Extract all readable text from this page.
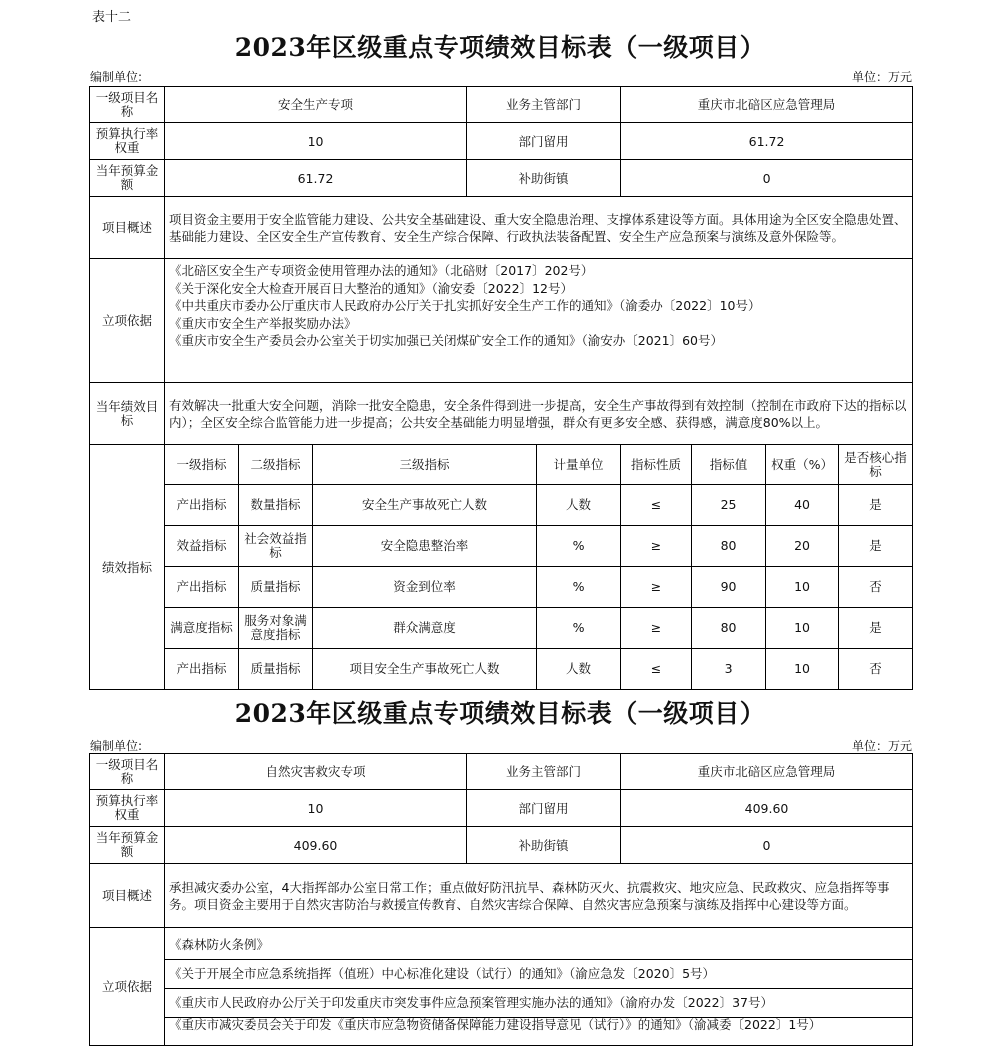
表十二
2023年区级重点专项绩效目标表（一级项目）
编制单位:	单位：万元
一级项目名称	安全生产专项			业务主管部门		重庆市北碚区应急管理局			
预算执行率权重	10			部门留用		61.72			
当年预算金额	61.72			补助街镇		0			
项目概述	项目资金主要用于安全监管能力建设、公共安全基础建设、重大安全隐患治理、支撑体系建设等方面。具体用途为全区安全隐患处置、基础能力建设、全区安全生产宣传教育、安全生产综合保障、行政执法装备配置、安全生产应急预案与演练及意外保险等。								
立项依据	《北碚区安全生产专项资金使用管理办法的通知》（北碚财〔2017〕202号）
《关于深化安全大检查开展百日大整治的通知》（渝安委〔2022〕12号）
《中共重庆市委办公厅重庆市人民政府办公厅关于扎实抓好安全生产工作的通知》（渝委办〔2022〕10号）
《重庆市安全生产举报奖励办法》
《重庆市安全生产委员会办公室关于切实加强已关闭煤矿安全工作的通知》（渝安办〔2021〕60号）								

当年绩效目标	有效解决一批重大安全问题，消除一批安全隐患，安全条件得到进一步提高，安全生产事故得到有效控制（控制在市政府下达的指标以内）；全区安全综合监管能力进一步提高；公共安全基础能力明显增强，群众有更多安全感、获得感，满意度80%以上。								
绩效指标	一级指标	二级指标	三级指标		计量单位	指标性质	指标值	权重（%）	是否核心指标
	产出指标	数量指标	安全生产事故死亡人数		人数	≤	25	40	是
	效益指标	社会效益指标	安全隐患整治率		%	≥	80	20	是
	产出指标	质量指标	资金到位率		%	≥	90	10	否
	满意度指标	服务对象满意度指标	群众满意度		%	≥	80	10	是
	产出指标	质量指标	项目安全生产事故死亡人数		人数	≤	3	10	否
2023年区级重点专项绩效目标表（一级项目）
编制单位:	单位：万元
一级项目名称	自然灾害救灾专项	业务主管部门	重庆市北碚区应急管理局
预算执行率权重	10	部门留用	409.60
当年预算金额	409.60	补助街镇	0
项目概述	承担减灾委办公室，4大指挥部办公室日常工作；重点做好防汛抗旱、森林防灭火、抗震救灾、地灾应急、民政救灾、应急指挥等事务。项目资金主要用于自然灾害防治与救援宣传教育、自然灾害综合保障、自然灾害应急预案与演练及指挥中心建设等方面。		
立项依据	《森林防火条例》
《关于开展全市应急系统指挥（值班）中心标准化建设（试行）的通知》（渝应急发〔2020〕5号）
《重庆市人民政府办公厅关于印发重庆市突发事件应急预案管理实施办法的通知》（渝府办发〔2022〕37号）
《重庆市减灾委员会关于印发《重庆市应急物资储备保障能力建设指导意见（试行）》的通知》（渝减委〔2022〕1号）		
